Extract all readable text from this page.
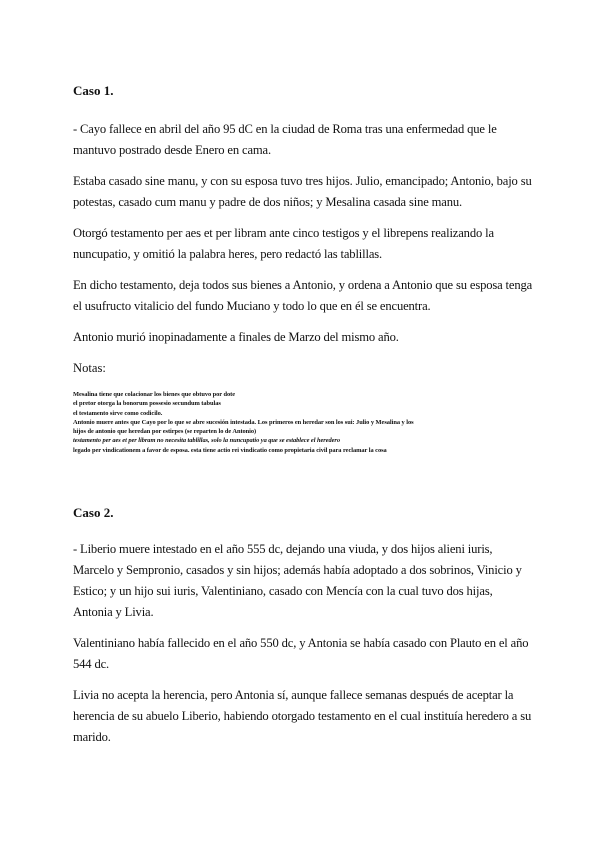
Caso 1.

- Cayo fallece en abril del año 95 dC en la ciudad de Roma tras una enfermedad que le mantuvo postrado desde Enero en cama.

Estaba casado sine manu, y con su esposa tuvo tres hijos. Julio, emancipado; Antonio, bajo su potestas, casado cum manu y padre de dos niños; y Mesalina casada sine manu.

Otorgó testamento per aes et per libram ante cinco testigos y el librepens realizando la nuncupatio, y omitió la palabra heres, pero redactó las tablillas.

En dicho testamento, deja todos sus bienes a Antonio, y ordena a Antonio que su esposa tenga el usufructo vitalicio del fundo Muciano y todo lo que en él se encuentra.

Antonio murió inopinadamente a finales de Marzo del mismo año.

Notas:

Mesalina tiene que colacionar los bienes que obtuvo por dote
el pretor otorga la bonorum possesio secundum tabulas
el testamento sirve como codicilo.
Antonio muere antes que Cayo por lo que se abre sucesión intestada. Los primeros en heredar son los sui: Julio y Mesalina y los
hijos de antonio que heredan por estirpes (se reparten lo de Antonio)
testamento per aes et per libram no necesita tablillas, solo la nuncupatio ya que se establece el heredero
legado per vindicationem a favor de esposa. esta tiene actio rei vindicatio como propietaria civil para reclamar la cosa
Caso 2.

- Liberio muere intestado en el año 555 dc, dejando una viuda, y dos hijos alieni iuris, Marcelo y Sempronio, casados y sin hijos; además había adoptado a dos sobrinos, Vinicio y Estico; y un hijo sui iuris, Valentiniano, casado con Mencía con la cual tuvo dos hijas, Antonia y Livia.

Valentiniano había fallecido en el año 550 dc, y Antonia se había casado con Plauto en el año 544 dc.

Livia no acepta la herencia, pero Antonia sí, aunque fallece semanas después de aceptar la herencia de su abuelo Liberio, habiendo otorgado testamento en el cual instituía heredero a su marido.
